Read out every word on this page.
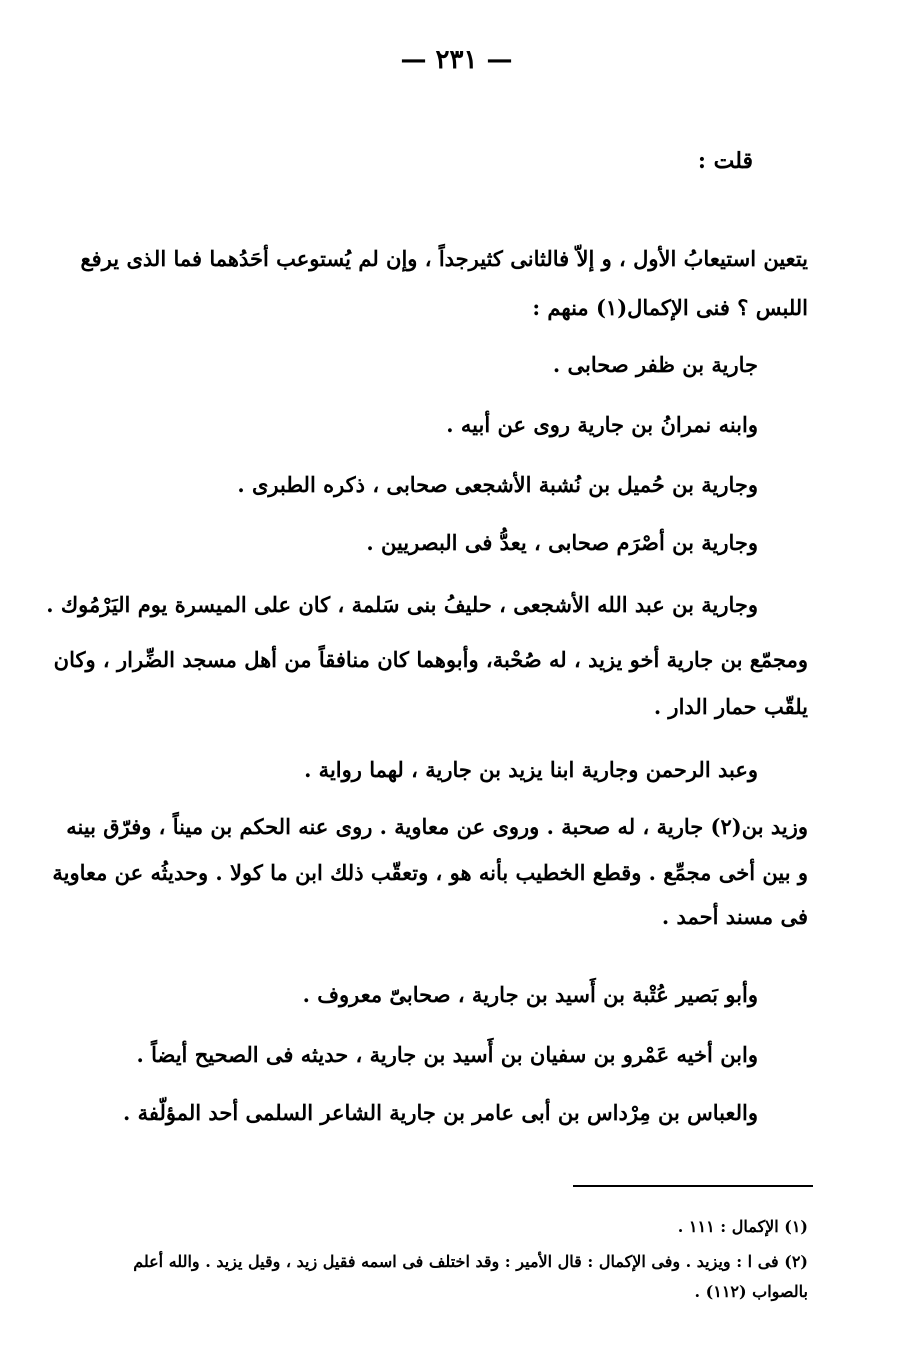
— ٢٣١ —
قلت :
يتعين استيعابُ الأول ، و إلاّ فالثانى كثيرجداً ، وإن لم يُستوعب أحَدُهما فما الذى يرفع
اللبس ؟ فنى الإكمال(١) منهم :
جارية بن ظفر صحابى .
وابنه نمرانُ بن جارية روى عن أبيه .
وجارية بن حُميل بن نُشبة الأشجعى صحابى ، ذكره الطبرى .
وجارية بن أصْرَم صحابى ، يعدُّ فى البصريين .
وجارية بن عبد الله الأشجعى ، حليفُ بنى سَلمة ، كان على الميسرة يوم اليَرْمُوك .
ومجمّع بن جارية أخو يزيد ، له صُحْبة، وأبوهما كان منافقاً من أهل مسجد الضِّرار ، وكان
يلقّب حمار الدار .
وعبد الرحمن وجارية ابنا يزيد بن جارية ، لهما رواية .
وزيد بن(٢) جارية ، له صحبة . وروى عن معاوية . روى عنه الحكم بن ميناً ، وفرّق بينه
و بين أخى مجمِّع . وقطع الخطيب بأنه هو ، وتعقّب ذلك ابن ما كولا . وحديثُه عن معاوية
فى مسند أحمد .
وأبو بَصير عُتْبة بن أَسيد بن جارية ، صحابىّ معروف .
وابن أخيه عَمْرو بن سفيان بن أَسيد بن جارية ، حديثه فى الصحيح أيضاً .
والعباس بن مِرْداس بن أبى عامر بن جارية الشاعر السلمى أحد المؤلّفة .
(١) الإكمال : ١١١ .
(٢) فى ا : ويزيد . وفى الإكمال : قال الأمير : وقد اختلف فى اسمه فقيل زيد ، وقيل يزيد . والله أعلم
بالصواب (١١٢) .
